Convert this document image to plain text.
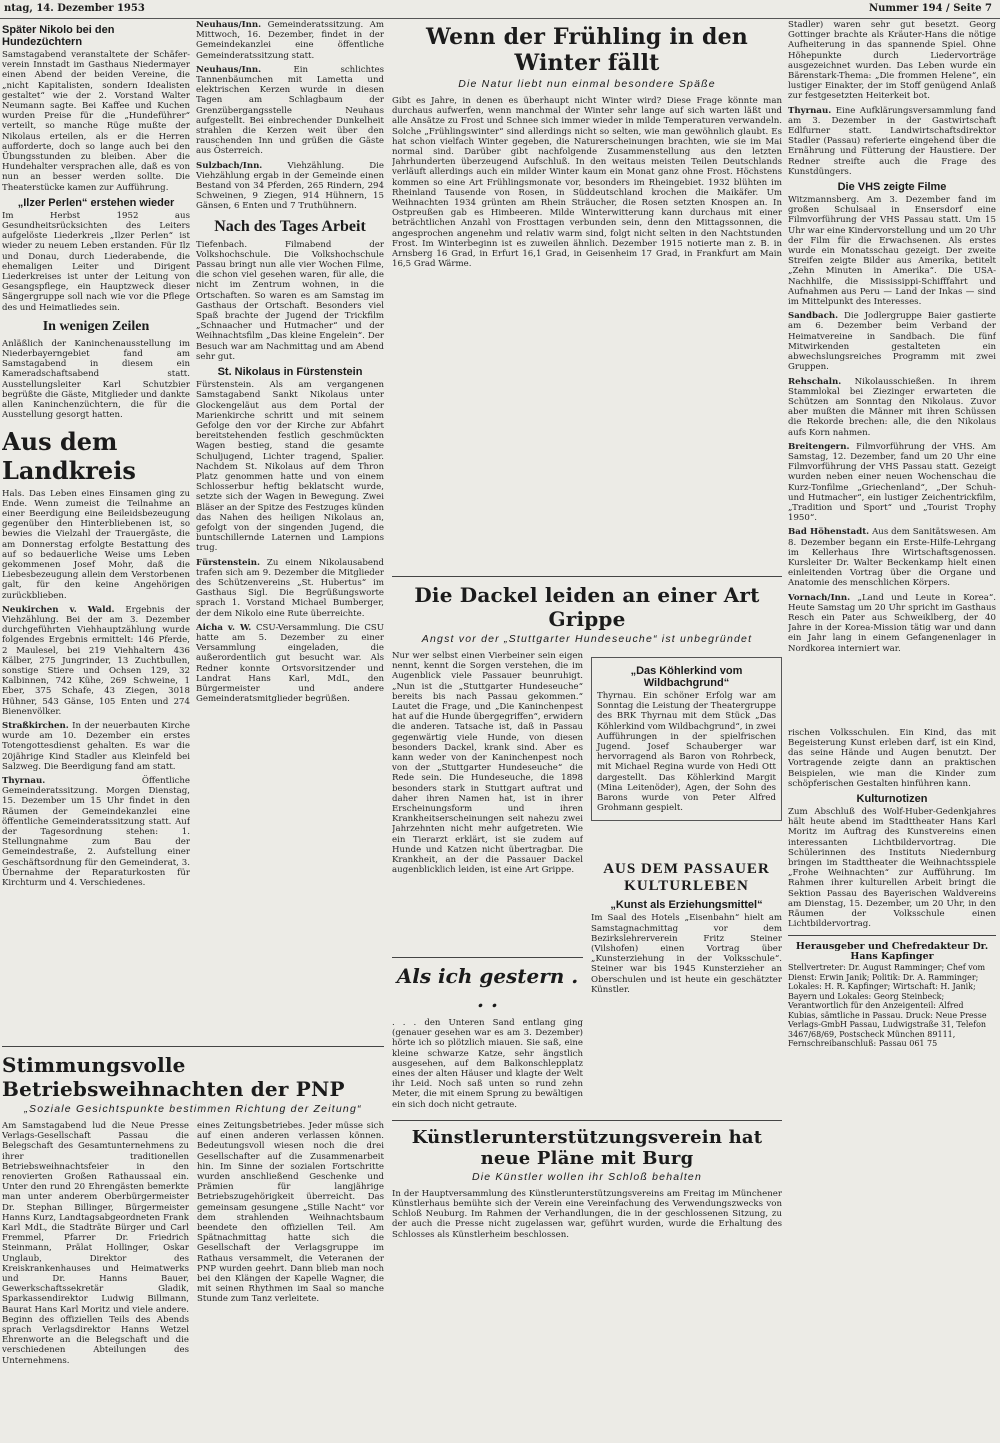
ntag, 14. Dezember 1953	Nummer 194 / Seite 7
Später Nikolo bei den Hundezüchtern

Samstagabend veranstaltete der Schäferverein Innstadt im Gasthaus Niedermayer einen Abend der beiden Vereine, die „nicht Kapitalisten, sondern Idealisten gestaltet“ wie der 2. Vorstand Walter Neumann sagte. Bei Kaffee und Kuchen wurden Preise für die „Hundeführer“ verteilt, so manche Rüge mußte der Nikolaus erteilen, als er die Herren aufforderte, doch so lange auch bei den Übungsstunden zu bleiben. Aber die Hundehalter versprachen alle, daß es von nun an besser werden sollte. Die Theaterstücke kamen zur Aufführung.

„Ilzer Perlen“ erstehen wieder

Im Herbst 1952 aus Gesundheitsrücksichten des Leiters aufgelöste Liederkreis „Ilzer Perlen“ ist wieder zu neuem Leben erstanden. Für Ilz und Donau, durch Liederabende, die ehemaligen Leiter und Dirigent Liederkreises ist unter der Leitung von Gesangspflege, ein Hauptzweck dieser Sängergruppe soll nach wie vor die Pflege des und Heimatliedes sein.

In wenigen Zeilen

Anläßlich der Kaninchenausstellung im Niederbayerngebiet fand am Samstagabend in diesem ein Kameradschaftsabend statt. Ausstellungsleiter Karl Schutzbier begrüßte die Gäste, Mitglieder und dankte allen Kaninchenzüchtern, die für die Ausstellung gesorgt hatten.

Aus dem Landkreis

Hals. Das Leben eines Einsamen ging zu Ende. Wenn zumeist die Teilnahme an einer Beerdigung eine Beileidsbezeugung gegenüber den Hinterbliebenen ist, so bewies die Vielzahl der Trauergäste, die am Donnerstag erfolgte Bestattung des auf so bedauerliche Weise ums Leben gekommenen Josef Mohr, daß die Liebesbezeugung allein dem Verstorbenen galt, für den keine Angehörigen zurückblieben.

Neukirchen v. Wald. Ergebnis der Viehzählung. Bei der am 3. Dezember durchgeführten Viehhauptzählung wurde folgendes Ergebnis ermittelt: 146 Pferde, 2 Maulesel, bei 219 Viehhaltern 436 Kälber, 275 Jungrinder, 13 Zuchtbullen, sonstige Stiere und Ochsen 129, 32 Kalbinnen, 742 Kühe, 269 Schweine, 1 Eber, 375 Schafe, 43 Ziegen, 3018 Hühner, 543 Gänse, 105 Enten und 274 Bienenvölker.

Straßkirchen. In der neuerbauten Kirche wurde am 10. Dezember ein erstes Totengottesdienst gehalten. Es war die 20jährige Kind Stadler aus Kleinfeld bei Salzweg. Die Beerdigung fand am statt.

Thyrnau.	Öffentliche Gemeinderatssitzung. Morgen Dienstag, 15. Dezember um 15 Uhr findet in den Räumen der Gemeindekanzlei eine öffentliche Gemeinderatssitzung statt. Auf der Tagesordnung stehen: 1. Stellungnahme zum Bau der Gemeindestraße, 2. Aufstellung einer Geschäftsordnung für den Gemeinderat, 3. Übernahme der Reparaturkosten für Kirchturm und 4. Verschiedenes.

Neuhaus/Inn. Gemeinderatssitzung. Am Mittwoch, 16. Dezember, findet in der Gemeindekanzlei eine öffentliche Gemeinderatssitzung statt.

Neuhaus/Inn.	Ein schlichtes Tannenbäumchen mit Lametta und elektrischen Kerzen wurde in diesen Tagen am Schlagbaum der Grenzübergangsstelle Neuhaus aufgestellt. Bei einbrechender Dunkelheit strahlen die Kerzen weit über den rauschenden Inn und grüßen die Gäste aus Österreich.

Sulzbach/Inn.	Viehzählung. Die Viehzählung ergab in der Gemeinde einen Bestand von 34 Pferden, 265 Rindern, 294 Schweinen, 9 Ziegen, 914 Hühnern, 15 Gänsen, 6 Enten und 7 Truthühnern.

Nach des Tages Arbeit

Tiefenbach. Filmabend der Volkshochschule. Die Volkshochschule Passau bringt nun alle vier Wochen Filme, die schon viel gesehen waren, für alle, die nicht im Zentrum wohnen, in die Ortschaften. So waren es am Samstag im Gasthaus der Ortschaft. Besonders viel Spaß brachte der Jugend der Trickfilm „Schnaacher und Hutmacher“ und der Weihnachtsfilm „Das kleine Engelein“. Der Besuch war am Nachmittag und am Abend sehr gut.

St. Nikolaus in Fürstenstein

Fürstenstein. Als am vergangenen Samstagabend Sankt Nikolaus unter Glockengeläut aus dem Portal der Marienkirche schritt und mit seinem Gefolge den vor der Kirche zur Abfahrt bereitstehenden festlich geschmückten Wagen bestieg, stand die gesamte Schuljugend, Lichter tragend, Spalier. Nachdem St. Nikolaus auf dem Thron Platz genommen hatte und von einem Schlosserbur heftig beklatscht wurde, setzte sich der Wagen in Bewegung. Zwei Bläser an der Spitze des Festzuges künden das Nahen des heiligen Nikolaus an, gefolgt von der singenden Jugend, die buntschillernde Laternen und Lampions trug.

Fürstenstein. Zu einem Nikolausabend trafen sich am 9. Dezember die Mitglieder des Schützenvereins „St. Hubertus“ im Gasthaus Sigl. Die Begrüßungsworte sprach 1. Vorstand Michael Bumberger, der dem Nikolo eine Rute überreichte.

Aicha v. W. CSU-Versammlung. Die CSU hatte am 5. Dezember zu einer Versammlung eingeladen, die außerordentlich gut besucht war. Als Redner konnte Ortsvorsitzender und Landrat Hans Karl, MdL, den Bürgermeister und andere Gemeinderatsmitglieder begrüßen.

Stimmungsvolle Betriebsweihnachten der PNP
„Soziale Gesichtspunkte bestimmen Richtung der Zeitung“

Am Samstagabend lud die Neue Presse Verlags-Gesellschaft Passau die Belegschaft des Gesamtunternehmens zu ihrer traditionellen Betriebsweihnachtsfeier in den renovierten Großen Rathaussaal ein. Unter den rund 20 Ehrengästen bemerkte man unter anderem Oberbürgermeister Dr. Stephan Billinger, Bürgermeister Hanns Kurz, Landtagsabgeordneten Frank Karl MdL, die Stadträte Bürger und Carl Fremmel, Pfarrer Dr. Friedrich Steinmann, Prälat Hollinger, Oskar Unglaub, Direktor des Kreiskrankenhauses und Heimatwerks und Dr. Hanns Bauer, Gewerkschaftssekretär Gladik, Sparkassendirektor Ludwig Billmann, Baurat Hans Karl Moritz und viele andere. Beginn des offiziellen Teils des Abends sprach Verlagsdirektor Hanns Wetzel Ehrenworte an die Belegschaft und die verschiedenen Abteilungen des Unternehmens.

eines Zeitungsbetriebes. Jeder müsse sich auf einen anderen verlassen können. Bedeutungsvoll wiesen noch die drei Gesellschafter auf die Zusammenarbeit hin. Im Sinne der sozialen Fortschritte wurden anschließend Geschenke und Prämien für langjährige Betriebszugehörigkeit überreicht. Das gemeinsam gesungene „Stille Nacht“ vor dem strahlenden Weihnachtsbaum beendete den offiziellen Teil. Am Spätnachmittag hatte sich die Gesellschaft der Verlagsgruppe im Rathaus versammelt, die Veteranen der PNP wurden geehrt. Dann blieb man noch bei den Klängen der Kapelle Wagner, die mit seinen Rhythmen im Saal so manche Stunde zum Tanz verleitete.

Wenn der Frühling in den Winter fällt
Die Natur liebt nun einmal besondere Späße

Gibt es Jahre, in denen es überhaupt nicht Winter wird? Diese Frage könnte man durchaus aufwerfen, wenn manchmal der Winter sehr lange auf sich warten läßt und alle Ansätze zu Frost und Schnee sich immer wieder in milde Temperaturen verwandeln. Solche „Frühlingswinter“ sind allerdings nicht so selten, wie man gewöhnlich glaubt. Es hat schon vielfach Winter gegeben, die Naturerscheinungen brachten, wie sie im Mai normal sind. Darüber gibt nachfolgende Zusammenstellung aus den letzten Jahrhunderten überzeugend Aufschluß. In den weitaus meisten Teilen Deutschlands verläuft allerdings auch ein milder Winter kaum ein Monat ganz ohne Frost. Höchstens kommen so eine Art Frühlingsmonate vor, besonders im Rheingebiet. 1932 blühten im Rheinland Tausende von Rosen, in Süddeutschland krochen die Maikäfer. Um Weihnachten 1934 grünten am Rhein Sträucher, die Rosen setzten Knospen an. In Ostpreußen gab es Himbeeren. Milde Winterwitterung kann durchaus mit einer beträchtlichen Anzahl von Frosttagen verbunden sein, denn den Mittagssonnen, die angesprochen angenehm und relativ warm sind, folgt nicht selten in den Nachtstunden Frost. Im Winterbeginn ist es zuweilen ähnlich. Dezember 1915 notierte man z. B. in Arnsberg 16 Grad, in Erfurt 16,1 Grad, in Geisenheim 17 Grad, in Frankfurt am Main 16,5 Grad Wärme.

Die Dackel leiden an einer Art Grippe
Angst vor der „Stuttgarter Hundeseuche“ ist unbegründet

Nur wer selbst einen Vierbeiner sein eigen nennt, kennt die Sorgen verstehen, die im Augenblick viele Passauer beunruhigt. „Nun ist die „Stuttgarter Hundeseuche“ bereits bis nach Passau gekommen.“ Lautet die Frage, und „Die Kaninchenpest hat auf die Hunde übergegriffen“, erwidern die anderen. Tatsache ist, daß in Passau gegenwärtig viele Hunde, von diesen besonders Dackel, krank sind. Aber es kann weder von der Kaninchenpest noch von der „Stuttgarter Hundeseuche“ die Rede sein. Die Hundeseuche, die 1898 besonders stark in Stuttgart auftrat und daher ihren Namen hat, ist in ihrer Erscheinungsform und ihren Krankheitserscheinungen seit nahezu zwei Jahrzehnten nicht mehr aufgetreten. Wie ein Tierarzt erklärt, ist sie zudem auf Hunde und Katzen nicht übertragbar. Die Krankheit, an der die Passauer Dackel augenblicklich leiden, ist eine Art Grippe.

Als ich gestern . . .

. . . den Unteren Sand entlang ging (genauer gesehen war es am 3. Dezember) hörte ich so plötzlich miauen. Sie saß, eine kleine schwarze Katze, sehr ängstlich ausgesehen, auf dem Balkonschlepplatz eines der alten Häuser und klagte der Welt ihr Leid. Noch saß unten so rund zehn Meter, die mit einem Sprung zu bewältigen ein sich doch nicht getraute.

„Das Köhlerkind vom Wildbachgrund“

Thyrnau. Ein schöner Erfolg war am Sonntag die Leistung der Theatergruppe des BRK Thyrnau mit dem Stück „Das Köhlerkind vom Wildbachgrund“, in zwei Aufführungen in der spielfrischen Jugend. Josef Schauberger war hervorragend als Baron von Rohrbeck, mit Michael Regina wurde von Hedi Ott dargestellt. Das Köhlerkind Margit (Mina Leitenöder), Agen, der Sohn des Barons wurde von Peter Alfred Grohmann gespielt.

AUS DEM PASSAUER KULTURLEBEN
„Kunst als Erziehungsmittel“

Im Saal des Hotels „Eisenbahn“ hielt am Samstagnachmittag vor dem Bezirkslehrerverein Fritz Steiner (Vilshofen) einen Vortrag über „Kunsterziehung in der Volksschule“. Steiner war bis 1945 Kunsterzieher an Oberschulen und ist heute ein geschätzter Künstler.

Künstlerunterstützungsverein hat neue Pläne mit Burg
Die Künstler wollen ihr Schloß behalten

In der Hauptversammlung des Künstlerunterstützungsvereins am Freitag im Münchener Künstlerhaus bemühte sich der Verein eine Vereinfachung des Verwendungszwecks von Schloß Neuburg. Im Rahmen der Verhandlungen, die in der geschlossenen Sitzung, zu der auch die Presse nicht zugelassen war, geführt wurden, wurde die Erhaltung des Schlosses als Künstlerheim beschlossen.

Stadler) waren sehr gut besetzt. Georg Gottinger brachte als Kräuter-Hans die nötige Aufheiterung in das spannende Spiel. Ohne Höhepunkte durch Liedervorträge ausgezeichnet wurden. Das Leben wurde ein Bärenstark-Thema: „Die frommen Helene“, ein lustiger Einakter, der im Stoff genügend Anlaß zur festgesetzten Heiterkeit bot.

Thyrnau. Eine Aufklärungsversammlung fand am 3. Dezember in der Gastwirtschaft Edlfurner statt. Landwirtschaftsdirektor Stadler (Passau) referierte eingehend über die Ernährung und Fütterung der Haustiere. Der Redner streifte auch die Frage des Kunstdüngers.

Die VHS zeigte Filme

Witzmannsberg. Am 3. Dezember fand im großen Schulsaal in Ensersdorf eine Filmvorführung der VHS Passau statt. Um 15 Uhr war eine Kindervorstellung und um 20 Uhr der Film für die Erwachsenen. Als erstes wurde ein Monatsschau gezeigt. Der zweite Streifen zeigte Bilder aus Amerika, betitelt „Zehn Minuten in Amerika“. Die USA-Nachhilfe, die Mississippi-Schifffahrt und Aufnahmen aus Peru — Land der Inkas — sind im Mittelpunkt des Interesses.

Sandbach. Die Jodlergruppe Baier gastierte am 6. Dezember beim Verband der Heimatvereine in Sandbach. Die fünf Mitwirkenden gestalteten ein abwechslungsreiches Programm mit zwei Gruppen.

Rehschaln. Nikolausschießen. In ihrem Stammlokal bei Ziezinger erwarteten die Schützen am Sonntag den Nikolaus. Zuvor aber mußten die Männer mit ihren Schüssen die Rekorde brechen: alle, die den Nikolaus aufs Korn nahmen.

Breitengern. Filmvorführung der VHS. Am Samstag, 12. Dezember, fand um 20 Uhr eine Filmvorführung der VHS Passau statt. Gezeigt wurden neben einer neuen Wochenschau die Kurz-Tonfilme „Griechenland“, „Der Schuh- und Hutmacher“, ein lustiger Zeichentrickfilm, „Tradition und Sport“ und „Tourist Trophy 1950“.

Bad Höhenstadt. Aus dem Sanitätswesen. Am 8. Dezember begann ein Erste-Hilfe-Lehrgang im Kellerhaus Ihre Wirtschaftsgenossen. Kursleiter Dr. Walter Beckenkamp hielt einen einleitenden Vortrag über die Organe und Anatomie des menschlichen Körpers.

Vornach/Inn. „Land und Leute in Korea“. Heute Samstag um 20 Uhr spricht im Gasthaus Resch ein Pater aus Schweiklberg, der 40 Jahre in der Korea-Mission tätig war und dann ein Jahr lang in einem Gefangenenlager in Nordkorea interniert war.

rischen Volksschulen. Ein Kind, das mit Begeisterung Kunst erleben darf, ist ein Kind, das seine Hände und Augen benutzt. Der Vortragende zeigte dann an praktischen Beispielen, wie man die Kinder zum schöpferischen Gestalten hinführen kann.

Kulturnotizen

Zum Abschluß des Wolf-Huber-Gedenkjahres hält heute abend im Stadttheater Hans Karl Moritz im Auftrag des Kunstvereins einen interessanten Lichtbildervortrag. Die Schülerinnen des Instituts Niedernburg bringen im Stadttheater die Weihnachtsspiele „Frohe Weihnachten“ zur Aufführung. Im Rahmen ihrer kulturellen Arbeit bringt die Sektion Passau des Bayerischen Waldvereins am Dienstag, 15. Dezember, um 20 Uhr, in den Räumen der Volksschule einen Lichtbildervortrag.

Herausgeber und Chefredakteur Dr. Hans Kapfinger
Stellvertreter: Dr. August Ramminger; Chef vom Dienst: Erwin Janik; Politik: Dr. A. Ramminger; Lokales: H. R. Kapfinger; Wirtschaft: H. Janik; Bayern und Lokales: Georg Steinbeck; Verantwortlich für den Anzeigenteil: Alfred Kubias, sämtliche in Passau. Druck: Neue Presse Verlags-GmbH Passau, Ludwigstraße 31, Telefon 3467/68/69, Postscheck München 89111, Fernschreibanschluß: Passau 061 75
